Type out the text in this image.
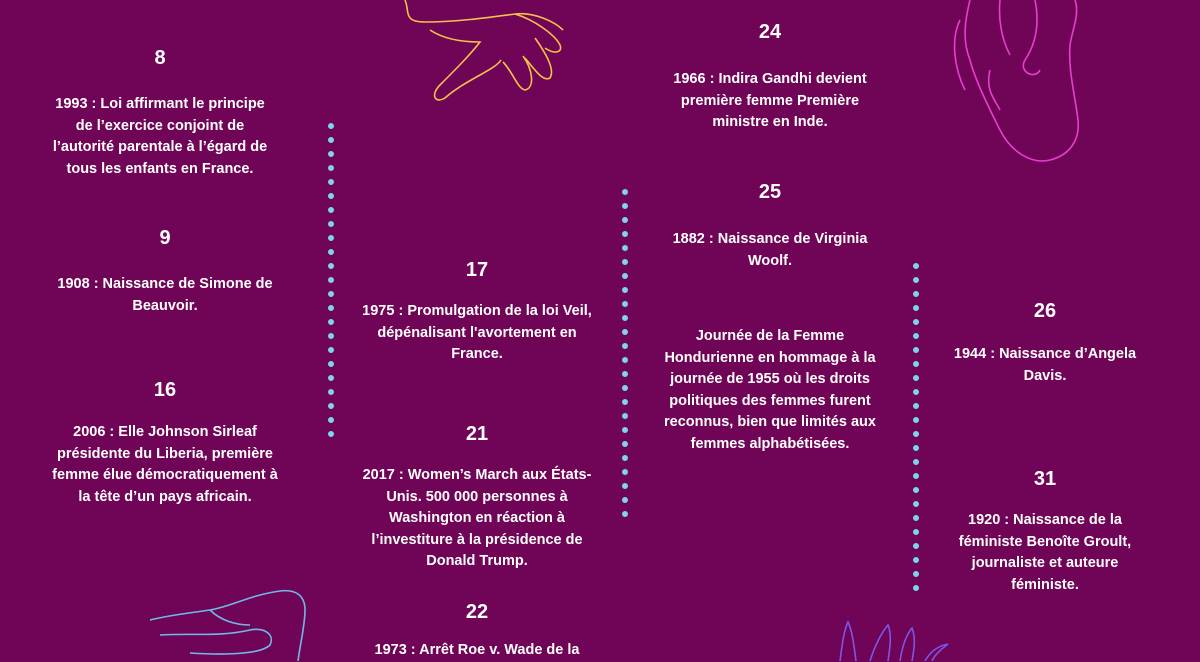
8
1993 : Loi affirmant le principe
de l’exercice conjoint de
l’autorité parentale à l’égard de
tous les enfants en France.
9
1908 : Naissance de Simone de
Beauvoir.
16
2006 : Elle Johnson Sirleaf
présidente du Liberia, première
femme élue démocratiquement à
la tête d’un pays africain.
17
1975 : Promulgation de la loi Veil,
dépénalisant l'avortement en
France.
21
2017 : Women’s March aux États-
Unis. 500 000 personnes à
Washington en réaction à
l’investiture à la présidence de
Donald Trump.
22
1973 : Arrêt Roe v. Wade de la
24
1966 : Indira Gandhi devient
première femme Première
ministre en Inde.
25
1882 : Naissance de Virginia
Woolf.
Journée de la Femme
Hondurienne en hommage à la
journée de 1955 où les droits
politiques des femmes furent
reconnus, bien que limités aux
femmes alphabétisées.
26
1944 : Naissance d’Angela
Davis.
31
1920 : Naissance de la
féministe Benoîte Groult,
journaliste et auteure
féministe.
